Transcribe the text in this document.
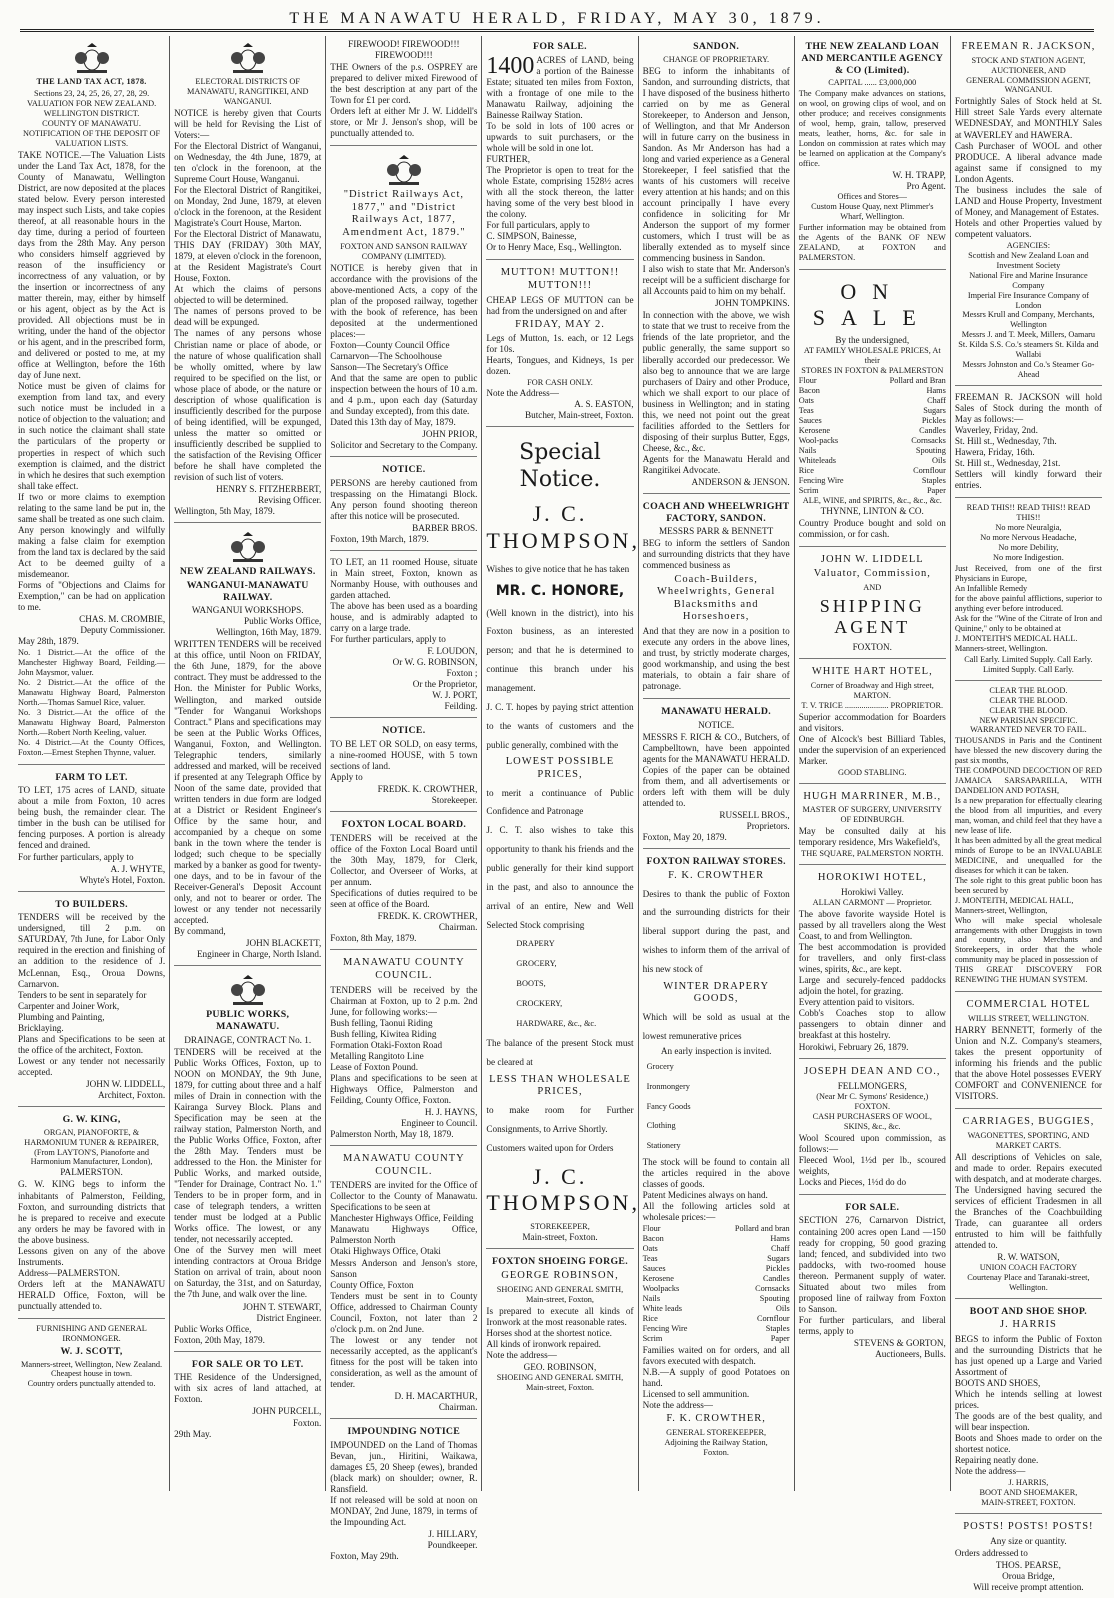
THE MANAWATU HERALD, FRIDAY, MAY 30, 1879.
THE LAND TAX ACT, 1878.
Sections 23, 24, 25, 26, 27, 28, 29.
VALUATION FOR NEW ZEALAND.
WELLINGTON DISTRICT.
COUNTY OF MANAWATU.
NOTIFICATION OF THE DEPOSIT OF VALUATION LISTS.
TAKE NOTICE.—The Valuation Lists under the Land Tax Act, 1878, for the County of Manawatu, Wellington District, are now deposited at the places stated below. Every person interested may inspect such Lists, and take copies thereof, at all reasonable hours in the day time, during a period of fourteen days from the 28th May. Any person who considers himself aggrieved by reason of the insufficiency or incorrectness of any valuation, or by the insertion or incorrectness of any matter therein, may, either by himself or his agent, object as by the Act is provided. All objections must be in writing, under the hand of the objector or his agent, and in the prescribed form, and delivered or posted to me, at my office at Wellington, before the 16th day of June next.
Notice must be given of claims for exemption from land tax, and every such notice must be included in a notice of objection to the valuation; and in such notice the claimant shall state the particulars of the property or properties in respect of which such exemption is claimed, and the district in which he desires that such exemption shall take effect.
If two or more claims to exemption relating to the same land be put in, the same shall be treated as one such claim.
Any person knowingly and wilfully making a false claim for exemption from the land tax is declared by the said Act to be deemed guilty of a misdemeanor.
Forms of "Objections and Claims for Exemption," can be had on application to me.
CHAS. M. CROMBIE,
Deputy Commissioner.
May 28th, 1879.
No. 1 District.—At the office of the Manchester Highway Board, Feilding.—John Maysmor, valuer.
No. 2 District.—At the office of the Manawatu Highway Board, Palmerston North.—Thomas Samuel Rice, valuer.
No. 3 District.—At the office of the Manawatu Highway Board, Palmerston North.—Robert North Keeling, valuer.
No. 4 District.—At the County Offices, Foxton.—Ernest Stephen Thynne, valuer.
FARM TO LET.
TO LET, 175 acres of LAND, situate about a mile from Foxton, 10 acres being bush, the remainder clear. The timber in the bush can be utilised for fencing purposes. A portion is already fenced and drained.
For further particulars, apply to
A. J. WHYTE,
Whyte's Hotel, Foxton.
TO BUILDERS.
TENDERS will be received by the undersigned, till 2 p.m. on SATURDAY, 7th June, for Labor Only required in the erection and finishing of an addition to the residence of J. McLennan, Esq., Oroua Downs, Carnarvon.
Tenders to be sent in separately for
Carpenter and Joiner Work,
Plumbing and Painting,
Bricklaying.
Plans and Specifications to be seen at the office of the architect, Foxton.
Lowest or any tender not necessarily accepted.
JOHN W. LIDDELL,
Architect, Foxton.
G. W. KING,
ORGAN, PIANOFORTE, & HARMONIUM TUNER & REPAIRER,
(From LAYTON'S, Pianoforte and Harmonium Manufacturer, London),
PALMERSTON.
G. W. KING begs to inform the inhabitants of Palmerston, Feilding, Foxton, and surrounding districts that he is prepared to receive and execute any orders he may be favored with in the above business.
Lessons given on any of the above Instruments.
Address—PALMERSTON.
Orders left at the MANAWATU HERALD Office, Foxton, will be punctually attended to.
FURNISHING AND GENERAL IRONMONGER.
W. J. SCOTT,
Manners-street, Wellington, New Zealand.
Cheapest house in town.
Country orders punctually attended to.
ELECTORAL DISTRICTS OF MANAWATU, RANGITIKEI, AND WANGANUI.
NOTICE is hereby given that Courts will be held for Revising the List of Voters:—
For the Electoral District of Wanganui, on Wednesday, the 4th June, 1879, at ten o'clock in the forenoon, at the Supreme Court House, Wanganui.
For the Electoral District of Rangitikei, on Monday, 2nd June, 1879, at eleven o'clock in the forenoon, at the Resident Magistrate's Court House, Marton.
For the Electoral District of Manawatu, THIS DAY (FRIDAY) 30th MAY, 1879, at eleven o'clock in the forenoon, at the Resident Magistrate's Court House, Foxton.
At which the claims of persons objected to will be determined.
The names of persons proved to be dead will be expunged.
The names of any persons whose Christian name or place of abode, or the nature of whose qualification shall be wholly omitted, where by law required to be specified on the list, or whose place of abode, or the nature or description of whose qualification is insufficiently described for the purpose of being identified, will be expunged, unless the matter so omitted or insufficiently described be supplied to the satisfaction of the Revising Officer before he shall have completed the revision of such list of voters.
HENRY S. FITZHERBERT,
Revising Officer.
Wellington, 5th May, 1879.
NEW ZEALAND RAILWAYS.
WANGANUI-MANAWATU RAILWAY.
WANGANUI WORKSHOPS.
Public Works Office,
Wellington, 16th May, 1879.
WRITTEN TENDERS will be received at this office, until Noon on FRIDAY, the 6th June, 1879, for the above contract. They must be addressed to the Hon. the Minister for Public Works, Wellington, and marked outside "Tender for Wanganui Workshops Contract." Plans and specifications may be seen at the Public Works Offices, Wanganui, Foxton, and Wellington. Telegraphic tenders, similarly addressed and marked, will be received if presented at any Telegraph Office by Noon of the same date, provided that written tenders in due form are lodged at a District or Resident Engineer's Office by the same hour, and accompanied by a cheque on some bank in the town where the tender is lodged; such cheque to be specially marked by a banker as good for twenty-one days, and to be in favour of the Receiver-General's Deposit Account only, and not to bearer or order. The lowest or any tender not necessarily accepted.
By command,
JOHN BLACKETT,
Engineer in Charge, North Island.
PUBLIC WORKS, MANAWATU.
DRAINAGE, CONTRACT No. 1.
TENDERS will be received at the Public Works Offices, Foxton, up to NOON on MONDAY, the 9th June, 1879, for cutting about three and a half miles of Drain in connection with the Kairanga Survey Block. Plans and Specification may be seen at the railway station, Palmerston North, and the Public Works Office, Foxton, after the 28th May. Tenders must be addressed to the Hon. the Minister for Public Works, and marked outside, "Tender for Drainage, Contract No. 1." Tenders to be in proper form, and in case of telegraph tenders, a written tender must be lodged at a Public Works office. The lowest, or any tender, not necessarily accepted.
One of the Survey men will meet intending contractors at Oroua Bridge Station on arrival of train, about noon on Saturday, the 31st, and on Saturday, the 7th June, and walk over the line.
JOHN T. STEWART,
District Engineer.
Public Works Office,
Foxton, 20th May, 1879.
FOR SALE OR TO LET.
THE Residence of the Undersigned, with six acres of land attached, at Foxton.
JOHN PURCELL,
Foxton.
29th May.
FIREWOOD! FIREWOOD!!! FIREWOOD!!!
THE Owners of the p.s. OSPREY are prepared to deliver mixed Firewood of the best description at any part of the Town for £1 per cord.
Orders left at either Mr J. W. Liddell's store, or Mr J. Jenson's shop, will be punctually attended to.
"District Railways Act, 1877," and "District Railways Act, 1877, Amendment Act, 1879."
FOXTON AND SANSON RAILWAY COMPANY (LIMITED).
NOTICE is hereby given that in accordance with the provisions of the above-mentioned Acts, a copy of the plan of the proposed railway, together with the book of reference, has been deposited at the undermentioned places:—
Foxton—County Council Office
Carnarvon—The Schoolhouse
Sanson—The Secretary's Office
And that the same are open to public inspection between the hours of 10 a.m. and 4 p.m., upon each day (Saturday and Sunday excepted), from this date.
Dated this 13th day of May, 1879.
JOHN PRIOR,
Solicitor and Secretary to the Company.
NOTICE.
PERSONS are hereby cautioned from trespassing on the Himatangi Block. Any person found shooting thereon after this notice will be prosecuted.
BARBER BROS.
Foxton, 19th March, 1879.
TO LET, an 11 roomed House, situate in Main street, Foxton, known as Normanby House, with outhouses and garden attached.
The above has been used as a boarding house, and is admirably adapted to carry on a large trade.
For further particulars, apply to
F. LOUDON,
Or W. G. ROBINSON,
Foxton ;
Or the Proprietor,
W. J. PORT,
Feilding.
NOTICE.
TO BE LET OR SOLD, on easy terms, a nine-roomed HOUSE, with 5 town sections of land.
Apply to
FREDK. K. CROWTHER,
Storekeeper.
FOXTON LOCAL BOARD.
TENDERS will be received at the office of the Foxton Local Board until the 30th May, 1879, for Clerk, Collector, and Overseer of Works, at per annum.
Specifications of duties required to be seen at office of the Board.
FREDK. K. CROWTHER,
Chairman.
Foxton, 8th May, 1879.
MANAWATU COUNTY COUNCIL.
TENDERS will be received by the Chairman at Foxton, up to 2 p.m. 2nd June, for following works:—
Bush felling, Taonui Riding
Bush felling, Kiwitea Riding
Formation Otaki-Foxton Road
Metalling Rangitoto Line
Lease of Foxton Pound.
Plans and specifications to be seen at Highways Office, Palmerston and Feilding, County Office, Foxton.
H. J. HAYNS,
Engineer to Council.
Palmerston North, May 18, 1879.
MANAWATU COUNTY COUNCIL.
TENDERS are invited for the Office of Collector to the County of Manawatu. Specifications to be seen at
Manchester Highways Office, Feilding
Manawatu Highways Office, Palmerston North
Otaki Highways Office, Otaki
Messrs Anderson and Jenson's store, Sanson
County Office, Foxton
Tenders must be sent in to County Office, addressed to Chairman County Council, Foxton, not later than 2 o'clock p.m. on 2nd June.
The lowest or any tender not necessarily accepted, as the applicant's fitness for the post will be taken into consideration, as well as the amount of tender.
D. H. MACARTHUR,
Chairman.
IMPOUNDING NOTICE
IMPOUNDED on the Land of Thomas Bevan, jun., Hiritini, Waikawa, damages £5, 20 Sheep (ewes), branded (black mark) on shoulder; owner, R. Ransfield.
If not released will be sold at noon on MONDAY, 2nd June, 1879, in terms of the Impounding Act.
J. HILLARY,
Poundkeeper.
Foxton, May 29th.
FOR SALE.
1400 ACRES of LAND, being a portion of the Bainesse Estate; situated ten miles from Foxton, with a frontage of one mile to the Manawatu Railway, adjoining the Bainesse Railway Station.
To be sold in lots of 100 acres or upwards to suit purchasers, or the whole will be sold in one lot.
FURTHER,
The Proprietor is open to treat for the whole Estate, comprising 1528½ acres with all the stock thereon, the latter having some of the very best blood in the colony.
For full particulars, apply to
C. SIMPSON, Bainesse,
Or to Henry Mace, Esq., Wellington.
MUTTON! MUTTON!! MUTTON!!!
CHEAP LEGS OF MUTTON can be had from the undersigned on and after
FRIDAY, MAY 2.
Legs of Mutton, 1s. each, or 12 Legs for 10s.
Hearts, Tongues, and Kidneys, 1s per dozen.
FOR CASH ONLY.
Note the Address—
A. S. EASTON,
Butcher, Main-street, Foxton.
Special Notice.
J. C. THOMPSON,
Wishes to give notice that he has taken
MR. C. HONORE,
(Well known in the district), into his Foxton business, as an interested person; and that he is determined to continue this branch under his management.
J. C. T. hopes by paying strict attention to the wants of customers and the public generally, combined with the
LOWEST POSSIBLE PRICES,
to merit a continuance of Public Confidence and Patronage
J. C. T. also wishes to take this opportunity to thank his friends and the public generally for their kind support in the past, and also to announce the arrival of an entire, New and Well Selected Stock comprising
DRAPERY
GROCERY,
BOOTS,
CROCKERY,
HARDWARE, &c., &c.
The balance of the present Stock must be cleared at
LESS THAN WHOLESALE PRICES,
to make room for Further Consignments, to Arrive Shortly.
Customers waited upon for Orders
J. C. THOMPSON,
STOREKEEPER,
Main-street, Foxton.
FOXTON SHOEING FORGE.
GEORGE ROBINSON,
SHOEING AND GENERAL SMITH, Main-street, Foxton,
Is prepared to execute all kinds of Ironwork at the most reasonable rates.
Horses shod at the shortest notice.
All kinds of ironwork repaired.
Note the address—
GEO. ROBINSON,
SHOEING AND GENERAL SMITH,
Main-street, Foxton.
SANDON.
CHANGE OF PROPRIETARY.
BEG to inform the inhabitants of Sandon, and surrounding districts, that I have disposed of the business hitherto carried on by me as General Storekeeper, to Anderson and Jenson, of Wellington, and that Mr Anderson will in future carry on the business in Sandon. As Mr Anderson has had a long and varied experience as a General Storekeeper, I feel satisfied that the wants of his customers will receive every attention at his hands; and on this account principally I have every confidence in soliciting for Mr Anderson the support of my former customers, which I trust will be as liberally extended as to myself since commencing business in Sandon.
I also wish to state that Mr. Anderson's receipt will be a sufficient discharge for all Accounts paid to him on my behalf.
JOHN TOMPKINS.
In connection with the above, we wish to state that we trust to receive from the friends of the late proprietor, and the public generally, the same support so liberally accorded our predecessor. We also beg to announce that we are large purchasers of Dairy and other Produce, which we shall export to our place of business in Wellington; and in stating this, we need not point out the great facilities afforded to the Settlers for disposing of their surplus Butter, Eggs, Cheese, &c., &c.
Agents for the Manawatu Herald and Rangitikei Advocate.
ANDERSON & JENSON.
COACH AND WHEELWRIGHT FACTORY, SANDON.
MESSRS PARR & BENNETT
BEG to inform the settlers of Sandon and surrounding districts that they have commenced business as
Coach-Builders, Wheelwrights, General Blacksmiths and Horseshoers,
And that they are now in a position to execute any orders in the above lines, and trust, by strictly moderate charges, good workmanship, and using the best materials, to obtain a fair share of patronage.
MANAWATU HERALD.
NOTICE.
MESSRS F. RICH & CO., Butchers, of Campbelltown, have been appointed agents for the MANAWATU HERALD. Copies of the paper can be obtained from them, and all advertisements or orders left with them will be duly attended to.
RUSSELL BROS.,
Proprietors.
Foxton, May 20, 1879.
FOXTON RAILWAY STORES.
F. K. CROWTHER
Desires to thank the public of Foxton and the surrounding districts for their liberal support during the past, and wishes to inform them of the arrival of his new stock of
WINTER DRAPERY GOODS,
Which will be sold as usual at the lowest remunerative prices
An early inspection is invited.
Grocery
Ironmongery
Fancy Goods
Clothing
Stationery
The stock will be found to contain all the articles required in the above classes of goods.
Patent Medicines always on hand.
All the following articles sold at wholesale prices:—
Flour	Pollard and bran
Bacon	Hams
Oats	Chaff
Teas	Sugars
Sauces	Pickles
Kerosene	Candles
Woolpacks	Cornsacks
Nails	Spouting
White leads	Oils
Rice	Cornflour
Fencing Wire	Staples
Scrim	Paper
Families waited on for orders, and all favors executed with despatch.
N.B.—A supply of good Potatoes on hand.
Licensed to sell ammunition.
Note the address—
F. K. CROWTHER,
GENERAL STOREKEEPER,
Adjoining the Railway Station,
Foxton.
THE NEW ZEALAND LOAN AND MERCANTILE AGENCY & CO (Limited).
CAPITAL ...... £3,000,000
The Company make advances on stations, on wool, on growing clips of wool, and on other produce; and receives consignments of wool, hemp, grain, tallow, preserved meats, leather, horns, &c. for sale in London on commission at rates which may be learned on application at the Company's office.
W. H. TRAPP,
Pro Agent.
Offices and Stores—
Custom House Quay, next Plimmer's Wharf, Wellington.
Further information may be obtained from the Agents of the BANK OF NEW ZEALAND, at FOXTON and PALMERSTON.
ON SALE
By the undersigned,
AT FAMILY WHOLESALE PRICES, At their
STORES IN FOXTON & PALMERSTON
Flour	Pollard and Bran
Bacon	Hams
Oats	Chaff
Teas	Sugars
Sauces	Pickles
Kerosene	Candles
Wool-packs	Cornsacks
Nails	Spouting
Whiteleads	Oils
Rice	Cornflour
Fencing Wire	Staples
Scrim	Paper
ALE, WINE, and SPIRITS, &c., &c., &c.
THYNNE, LINTON & CO.
Country Produce bought and sold on commission, or for cash.
JOHN W. LIDDELL
Valuator, Commission,
AND
SHIPPING AGENT
FOXTON.
WHITE HART HOTEL,
Corner of Broadway and High street, MARTON.
T. V. TRICE ..................... PROPRIETOR.
Superior accommodation for Boarders and visitors.
One of Alcock's best Billiard Tables, under the supervision of an experienced Marker.
GOOD STABLING.
HUGH MARRINER, M.B.,
MASTER OF SURGERY, UNIVERSITY OF EDINBURGH.
May be consulted daily at his temporary residence, Mrs Wakefield's,
THE SQUARE, PALMERSTON NORTH.
HOROKIWI HOTEL,
Horokiwi Valley.
ALLAN CARMONT — Proprietor.
The above favorite wayside Hotel is passed by all travellers along the West Coast, to and from Wellington.
The best accommodation is provided for travellers, and only first-class wines, spirits, &c., are kept.
Large and securely-fenced paddocks adjoin the hotel, for grazing.
Every attention paid to visitors.
Cobb's Coaches stop to allow passengers to obtain dinner and breakfast at this hostelry.
Horokiwi, February 26, 1879.
JOSEPH DEAN AND CO.,
FELLMONGERS,
(Near Mr C. Symons' Residence,)
FOXTON.
CASH PURCHASERS OF WOOL, SKINS, &c., &c.
Wool Scoured upon commission, as follows:—
Fleeced Wool, 1½d per lb., scoured weights,
Locks and Pieces, 1½d do do
FOR SALE.
SECTION 276, Carnarvon District, containing 200 acres open Land —150 ready for cropping, 50 good grazing land; fenced, and subdivided into two paddocks, with two-roomed house thereon. Permanent supply of water. Situated about two miles from proposed line of railway from Foxton to Sanson.
For further particulars, and liberal terms, apply to
STEVENS & GORTON,
Auctioneers, Bulls.
FREEMAN R. JACKSON,
STOCK AND STATION AGENT,
AUCTIONEER, AND
GENERAL COMMISSION AGENT,
WANGANUI.
Fortnightly Sales of Stock held at St. Hill street Sale Yards every alternate WEDNESDAY, and MONTHLY Sales at WAVERLEY and HAWERA.
Cash Purchaser of WOOL and other PRODUCE. A liberal advance made against same if consigned to my London Agents.
The business includes the sale of LAND and House Property, Investment of Money, and Management of Estates.
Hotels and other Properties valued by competent valuators.
AGENCIES:
Scottish and New Zealand Loan and Investment Society
National Fire and Marine Insurance Company
Imperial Fire Insurance Company of London
Messrs Krull and Company, Merchants, Wellington
Messrs J. and T. Meek, Millers, Oamaru
St. Kilda S.S. Co.'s steamers St. Kilda and Wallabi
Messrs Johnston and Co.'s Steamer Go-Ahead
FREEMAN R. JACKSON will hold Sales of Stock during the month of May as follows:—
Waverley, Friday, 2nd.
St. Hill st., Wednesday, 7th.
Hawera, Friday, 16th.
St. Hill st., Wednesday, 21st.
Settlers will kindly forward their entries.
READ THIS!! READ THIS!! READ THIS!!
No more Neuralgia,
No more Nervous Headache,
No more Debility,
No more Indigestion.
Just Received, from one of the first Physicians in Europe,
An Infallible Remedy
for the above painful afflictions, superior to anything ever before introduced.
Ask for the "Wine of the Citrate of Iron and Quinine," only to be obtained at
J. MONTEITH'S MEDICAL HALL.
Manners-street, Wellington.
Call Early. Limited Supply. Call Early. Limited Supply. Call Early.
CLEAR THE BLOOD.
CLEAR THE BLOOD.
CLEAR THE BLOOD.
NEW PARISIAN SPECIFIC.
WARRANTED NEVER TO FAIL.
THOUSANDS in Paris and the Continent have blessed the new discovery during the past six months,
THE COMPOUND DECOCTION OF RED JAMAICA SARSAPARILLA, WITH DANDELION AND POTASH,
Is a new preparation for effectually clearing the blood from all impurities, and every man, woman, and child feel that they have a new lease of life.
It has been admitted by all the great medical minds of Europe to be an INVALUABLE MEDICINE, and unequalled for the diseases for which it can be taken.
The sole right to this great public boon has been secured by
J. MONTEITH, MEDICAL HALL,
Manners-street, Wellington,
Who will make special wholesale arrangements with other Druggists in town and country, also Merchants and Storekeepers, in order that the whole community may be placed in possession of
THIS GREAT DISCOVERY FOR RENEWING THE HUMAN SYSTEM.
COMMERCIAL HOTEL
WILLIS STREET, WELLINGTON.
HARRY BENNETT, formerly of the Union and N.Z. Company's steamers, takes the present opportunity of informing his friends and the public that the above Hotel possesses EVERY COMFORT and CONVENIENCE for VISITORS.
CARRIAGES, BUGGIES,
WAGONETTES, SPORTING, AND MARKET CARTS.
All descriptions of Vehicles on sale, and made to order. Repairs executed with despatch, and at moderate charges.
The Undersigned having secured the services of efficient Tradesmen in all the Branches of the Coachbuilding Trade, can guarantee all orders entrusted to him will be faithfully attended to.
R. W. WATSON,
UNION COACH FACTORY
Courtenay Place and Taranaki-street, Wellington.
BOOT AND SHOE SHOP.
J. HARRIS
BEGS to inform the Public of Foxton and the surrounding Districts that he has just opened up a Large and Varied Assortment of
BOOTS AND SHOES,
Which he intends selling at lowest prices.
The goods are of the best quality, and will bear inspection.
Boots and Shoes made to order on the shortest notice.
Repairing neatly done.
Note the address—
J. HARRIS,
BOOT AND SHOEMAKER,
MAIN-STREET, FOXTON.
POSTS! POSTS! POSTS!
Any size or quantity.
Orders addressed to
THOS. PEARSE,
Oroua Bridge,
Will receive prompt attention.
